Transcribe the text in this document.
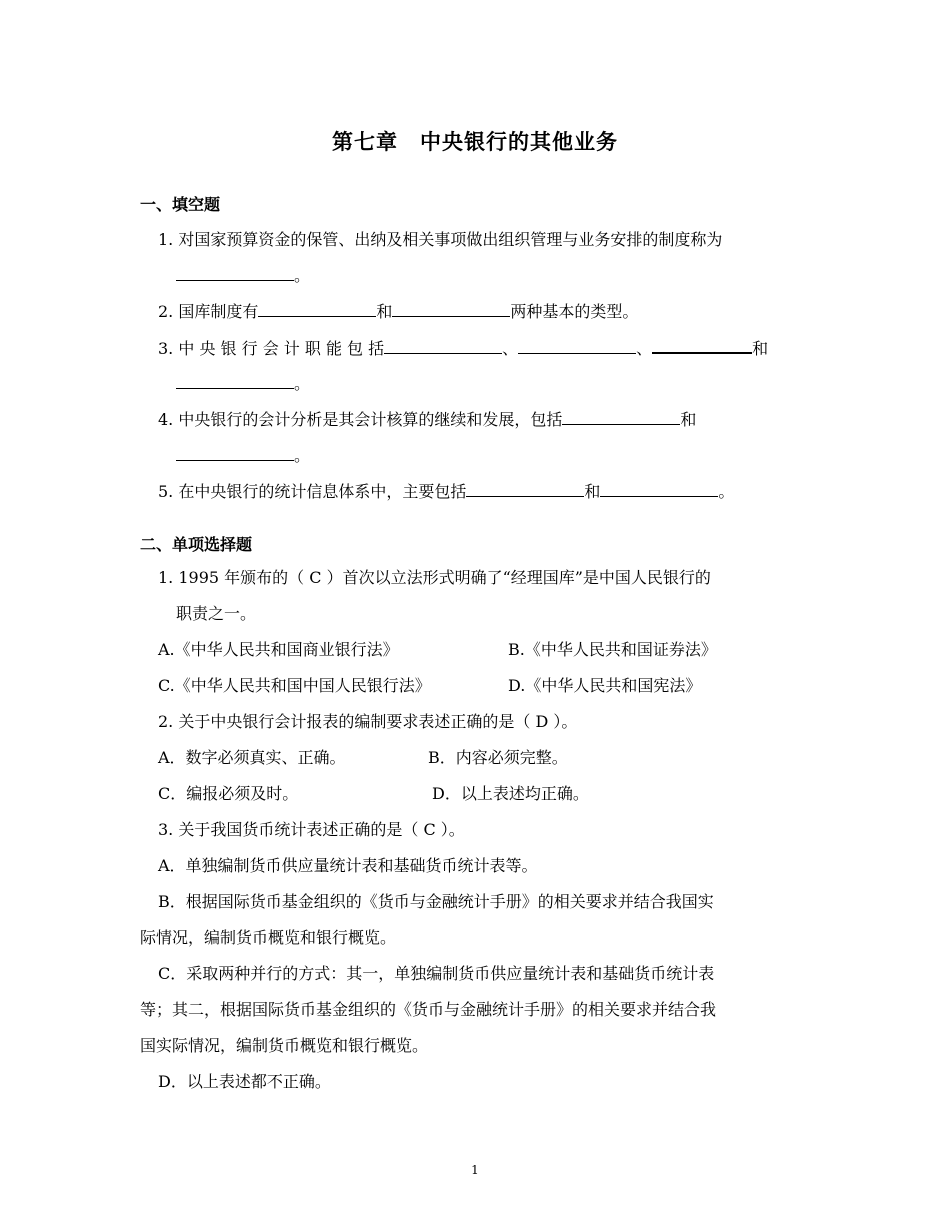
第七章　中央银行的其他业务
一、填空题
1. 对国家预算资金的保管、出纳及相关事项做出组织管理与业务安排的制度称为
。
2. 国库制度有	和	两种基本的类型。
3. 中 央 银 行 会 计 职 能 包 括	、	、	和
。
4. 中央银行的会计分析是其会计核算的继续和发展，包括	和
。
5. 在中央银行的统计信息体系中，主要包括	和	。
二、单项选择题
1. 1995 年颁布的（ C ）首次以立法形式明确了“经理国库”是中国人民银行的
职责之一。
A.《中华人民共和国商业银行法》	B.《中华人民共和国证券法》
C.《中华人民共和国中国人民银行法》	D.《中华人民共和国宪法》
2. 关于中央银行会计报表的编制要求表述正确的是（ D ）。
A．数字必须真实、正确。	B．内容必须完整。
C．编报必须及时。	D．以上表述均正确。
3. 关于我国货币统计表述正确的是（ C ）。
A．单独编制货币供应量统计表和基础货币统计表等。
B．根据国际货币基金组织的《货币与金融统计手册》的相关要求并结合我国实
际情况，编制货币概览和银行概览。
C．采取两种并行的方式：其一，单独编制货币供应量统计表和基础货币统计表
等；其二，根据国际货币基金组织的《货币与金融统计手册》的相关要求并结合我
国实际情况，编制货币概览和银行概览。
D．以上表述都不正确。
1
